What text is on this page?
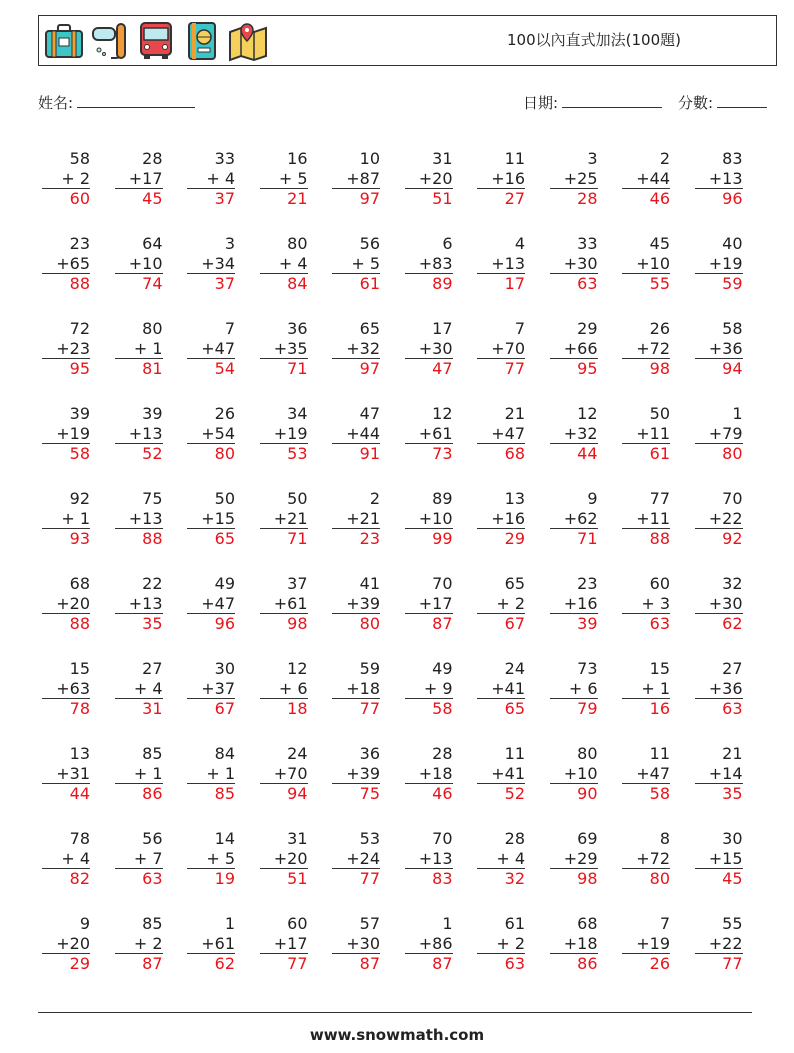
100以內直式加法(100題)
姓名:	日期:	分數:
58
+ 2
60
28
+17
45
33
+ 4
37
16
+ 5
21
10
+87
97
31
+20
51
11
+16
27
3
+25
28
2
+44
46
83
+13
96
23
+65
88
64
+10
74
3
+34
37
80
+ 4
84
56
+ 5
61
6
+83
89
4
+13
17
33
+30
63
45
+10
55
40
+19
59
72
+23
95
80
+ 1
81
7
+47
54
36
+35
71
65
+32
97
17
+30
47
7
+70
77
29
+66
95
26
+72
98
58
+36
94
39
+19
58
39
+13
52
26
+54
80
34
+19
53
47
+44
91
12
+61
73
21
+47
68
12
+32
44
50
+11
61
1
+79
80
92
+ 1
93
75
+13
88
50
+15
65
50
+21
71
2
+21
23
89
+10
99
13
+16
29
9
+62
71
77
+11
88
70
+22
92
68
+20
88
22
+13
35
49
+47
96
37
+61
98
41
+39
80
70
+17
87
65
+ 2
67
23
+16
39
60
+ 3
63
32
+30
62
15
+63
78
27
+ 4
31
30
+37
67
12
+ 6
18
59
+18
77
49
+ 9
58
24
+41
65
73
+ 6
79
15
+ 1
16
27
+36
63
13
+31
44
85
+ 1
86
84
+ 1
85
24
+70
94
36
+39
75
28
+18
46
11
+41
52
80
+10
90
11
+47
58
21
+14
35
78
+ 4
82
56
+ 7
63
14
+ 5
19
31
+20
51
53
+24
77
70
+13
83
28
+ 4
32
69
+29
98
8
+72
80
30
+15
45
9
+20
29
85
+ 2
87
1
+61
62
60
+17
77
57
+30
87
1
+86
87
61
+ 2
63
68
+18
86
7
+19
26
55
+22
77
www.snowmath.com
